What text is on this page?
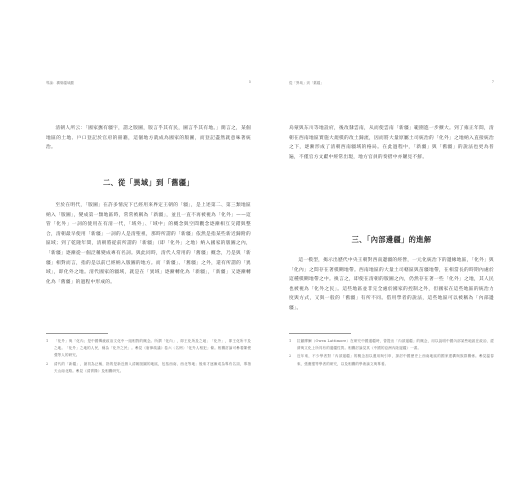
導論：構築疆域觀	5

清朝人所云：「國家撫有疆宇，謂之版圖，版言乎其有民，圖言乎其有地。」簡言之，某個地區的土地、戶口登記於官府的冊籍，這個地方就成為國家的版圖，而登記盡然就意味著統治。

二、從「異域」到「舊疆」

至於在明代，「版圖」在許多情況下已經用來界定王朝的「疆」，是上述第二、第三類地區納入「版圖」，變成第一類地區時，常常被稱為「新疆」，並且一直不再被視為「化外」——這管「化外」一詞的使用在有清一代，「域外」、「域中」的概念與空間觀念逐漸相互交錯與整合，清朝最早使用「新疆」一詞的人是清聖祖，那時所謂的「新疆」依然是指某些新近歸附的區域；到了乾隆年間，清朝將從前所謂的「新疆」（即「化外」之地）納入國家的版圖之內，「新疆」逐漸從一個泛稱變成專有名詞。與此同時，清代人常用的「舊疆」概念，乃是與「新疆」相對而言，指的是以前已經納入版圖的地方。而「新疆」、「舊疆」之外，還有所謂的「異域」，即化外之地。清代國家的疆域，就是在「異域」逐漸轉化為「新疆」，「新疆」又逐漸轉化為「舊疆」的過程中形成的。

1	「化外」與「化內」是中國傳統政治文化中一組相對的概念。所謂「化內」，即王化所及之地；「化外」，即王化所不及之地。「化外」之地的人民，稱為「化外之民」。參見《唐律疏議》卷六〈名例〉「化外人相犯」條。相關討論可參看陳俊強等人的研究。
2	清代的「新疆」，最初為泛稱，指的是新近納入清朝版圖的地區，包括西南、西北等地；後來才逐漸成為專有名詞，專指天山南北路。參見《清實錄》及相關研究。
從「異域」到「舊疆」	7

烏蒙與东川等地設府，後改隸雲南，从而使雲南「新疆」範圍進一步擴大。到了雍正年間，清朝在西南地區實施大規模的改土歸流，因而將大量原屬土司統治的「化外」之地納入直接統治之下，逐漸形成了清朝西南疆域的格局。在此過程中，「新疆」與「舊疆」的說法也更為普遍，不僅官方文獻中經常出現，地方官員的奏摺中亦屢見不鮮。

三、「內部邊疆」的進解

這一模型，揭示出歷代中央王朝對西南邊疆的經營，一元化統治下的邊緣地區，「化外」與「化內」之間存在著模糊地帶。西南地區的大量土司轄區與苗疆地帶，在相當長的時期內處於這種模糊地帶之中。換言之，即使在清朝的版圖之內，仍然存在著一些「化外」之地，其人民也被視為「化外之民」。這些地區並非完全處於國家的控制之外，但國家在這些地區的統治力度與方式，又與一般的「舊疆」有所不同。借用學者的說法，這些地區可以被稱為「內部邊疆」。

1	拉鐵摩爾（Owen Lattimore）在研究中國邊疆時，曾提出「內部邊疆」的概念，用以說明中國內部某些地區在政治、經濟與文化上所具有的邊疆性質。相關討論見其《中國的亞洲內陸邊疆》一書。
2	近年來，不少學者對「內部邊疆」的概念加以運用與引申，探討中國歷史上西南地區的國家建構與族群關係。參見溫春來、張應強等學者的研究，以及相關的學術論文與專著。
